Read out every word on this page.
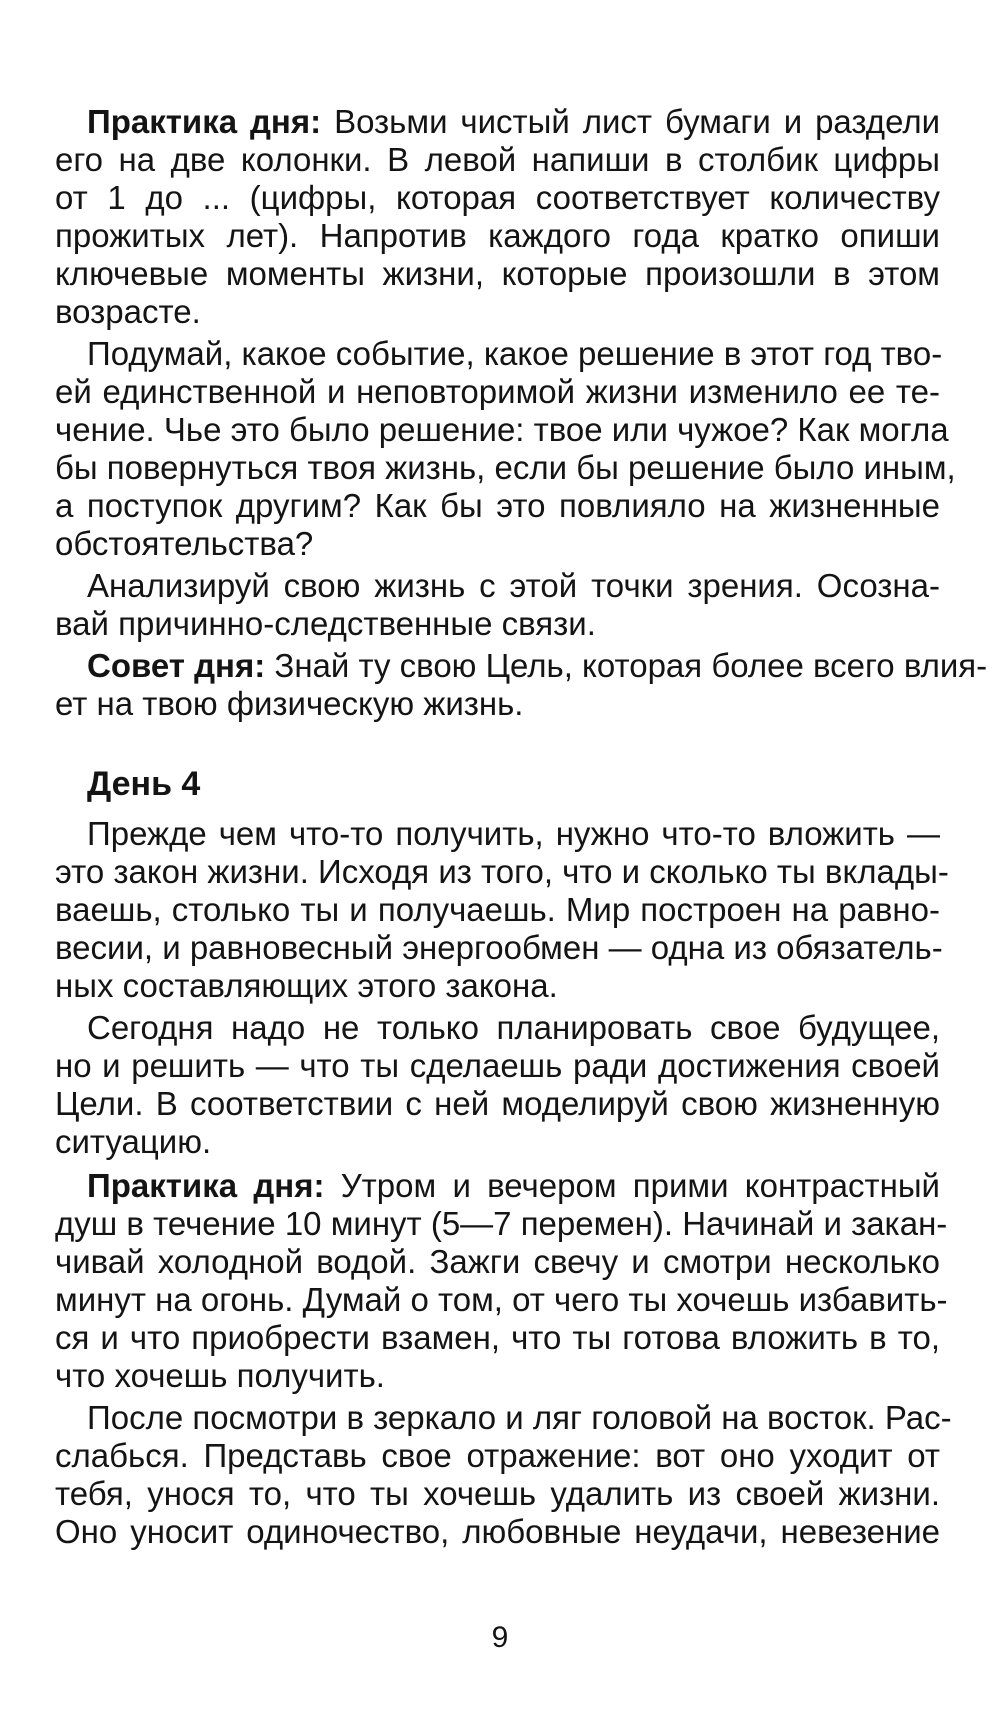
Практика дня: Возьми чистый лист бумаги и раздели
его на две колонки. В левой напиши в столбик цифры
от 1 до ... (цифры, которая соответствует количеству
прожитых лет). Напротив каждого года кратко опиши
ключевые моменты жизни, которые произошли в этом
возрасте.
Подумай, какое событие, какое решение в этот год тво-
ей единственной и неповторимой жизни изменило ее те-
чение. Чье это было решение: твое или чужое? Как могла
бы повернуться твоя жизнь, если бы решение было иным,
а поступок другим? Как бы это повлияло на жизненные
обстоятельства?
Анализируй свою жизнь с этой точки зрения. Осозна-
вай причинно-следственные связи.
Совет дня: Знай ту свою Цель, которая более всего влия-
ет на твою физическую жизнь.
День 4
Прежде чем что-то получить, нужно что-то вложить —
это закон жизни. Исходя из того, что и сколько ты вклады-
ваешь, столько ты и получаешь. Мир построен на равно-
весии, и равновесный энергообмен — одна из обязатель-
ных составляющих этого закона.
Сегодня надо не только планировать свое будущее,
но и решить — что ты сделаешь ради достижения своей
Цели. В соответствии с ней моделируй свою жизненную
ситуацию.
Практика дня: Утром и вечером прими контрастный
душ в течение 10 минут (5—7 перемен). Начинай и закан-
чивай холодной водой. Зажги свечу и смотри несколько
минут на огонь. Думай о том, от чего ты хочешь избавить-
ся и что приобрести взамен, что ты готова вложить в то,
что хочешь получить.
После посмотри в зеркало и ляг головой на восток. Рас-
слабься. Представь свое отражение: вот оно уходит от
тебя, унося то, что ты хочешь удалить из своей жизни.
Оно уносит одиночество, любовные неудачи, невезение
9
